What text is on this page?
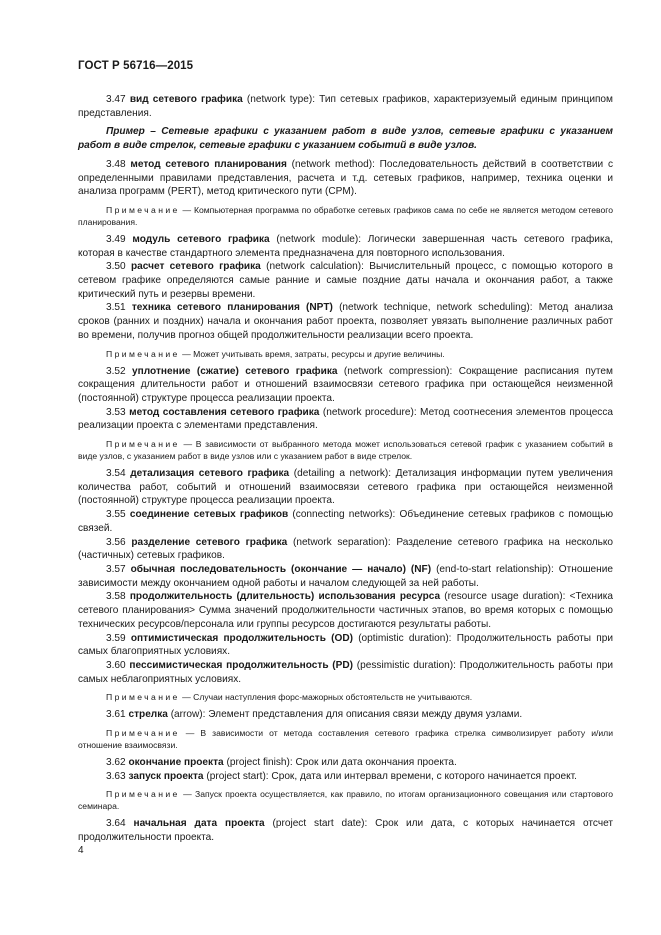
ГОСТ Р 56716—2015

3.47 вид сетевого графика (network type): Тип сетевых графиков, характеризуемый единым принципом представления.

Пример – Сетевые графики с указанием работ в виде узлов, сетевые графики с указанием работ в виде стрелок, сетевые графики с указанием событий в виде узлов.

3.48 метод сетевого планирования (network method): Последовательность действий в соответствии с определенными правилами представления, расчета и т.д. сетевых графиков, например, техника оценки и анализа программ (PERT), метод критического пути (CPM).

Примечание — Компьютерная программа по обработке сетевых графиков сама по себе не является методом сетевого планирования.

3.49 модуль сетевого графика (network module): Логически завершенная часть сетевого графика, которая в качестве стандартного элемента предназначена для повторного использования.

3.50 расчет сетевого графика (network calculation): Вычислительный процесс, с помощью которого в сетевом графике определяются самые ранние и самые поздние даты начала и окончания работ, а также критический путь и резервы времени.

3.51 техника сетевого планирования (NPT) (network technique, network scheduling): Метод анализа сроков (ранних и поздних) начала и окончания работ проекта, позволяет увязать выполнение различных работ во времени, получив прогноз общей продолжительности реализации всего проекта.

Примечание — Может учитывать время, затраты, ресурсы и другие величины.

3.52 уплотнение (сжатие) сетевого графика (network compression): Сокращение расписания путем сокращения длительности работ и отношений взаимосвязи сетевого графика при остающейся неизменной (постоянной) структуре процесса реализации проекта.

3.53 метод составления сетевого графика (network procedure): Метод соотнесения элементов процесса реализации проекта с элементами представления.

Примечание — В зависимости от выбранного метода может использоваться сетевой график с указанием событий в виде узлов, с указанием работ в виде узлов или с указанием работ в виде стрелок.

3.54 детализация сетевого графика (detailing a network): Детализация информации путем увеличения количества работ, событий и отношений взаимосвязи сетевого графика при остающейся неизменной (постоянной) структуре процесса реализации проекта.

3.55 соединение сетевых графиков (connecting networks): Объединение сетевых графиков с помощью связей.

3.56 разделение сетевого графика (network separation): Разделение сетевого графика на несколько (частичных) сетевых графиков.

3.57 обычная последовательность (окончание — начало) (NF) (end-to-start relationship): Отношение зависимости между окончанием одной работы и началом следующей за ней работы.

3.58 продолжительность (длительность) использования ресурса (resource usage duration): <Техника сетевого планирования> Сумма значений продолжительности частичных этапов, во время которых с помощью технических ресурсов/персонала или группы ресурсов достигаются результаты работы.

3.59 оптимистическая продолжительность (OD) (optimistic duration): Продолжительность работы при самых благоприятных условиях.

3.60 пессимистическая продолжительность (PD) (pessimistic duration): Продолжительность работы при самых неблагоприятных условиях.

Примечание — Случаи наступления форс-мажорных обстоятельств не учитываются.

3.61 стрелка (arrow): Элемент представления для описания связи между двумя узлами.

Примечание — В зависимости от метода составления сетевого графика стрелка символизирует работу и/или отношение взаимосвязи.

3.62 окончание проекта (project finish): Срок или дата окончания проекта.

3.63 запуск проекта (project start): Срок, дата или интервал времени, с которого начинается проект.

Примечание — Запуск проекта осуществляется, как правило, по итогам организационного совещания или стартового семинара.

3.64 начальная дата проекта (project start date): Срок или дата, с которых начинается отсчет продолжительности проекта.

4
